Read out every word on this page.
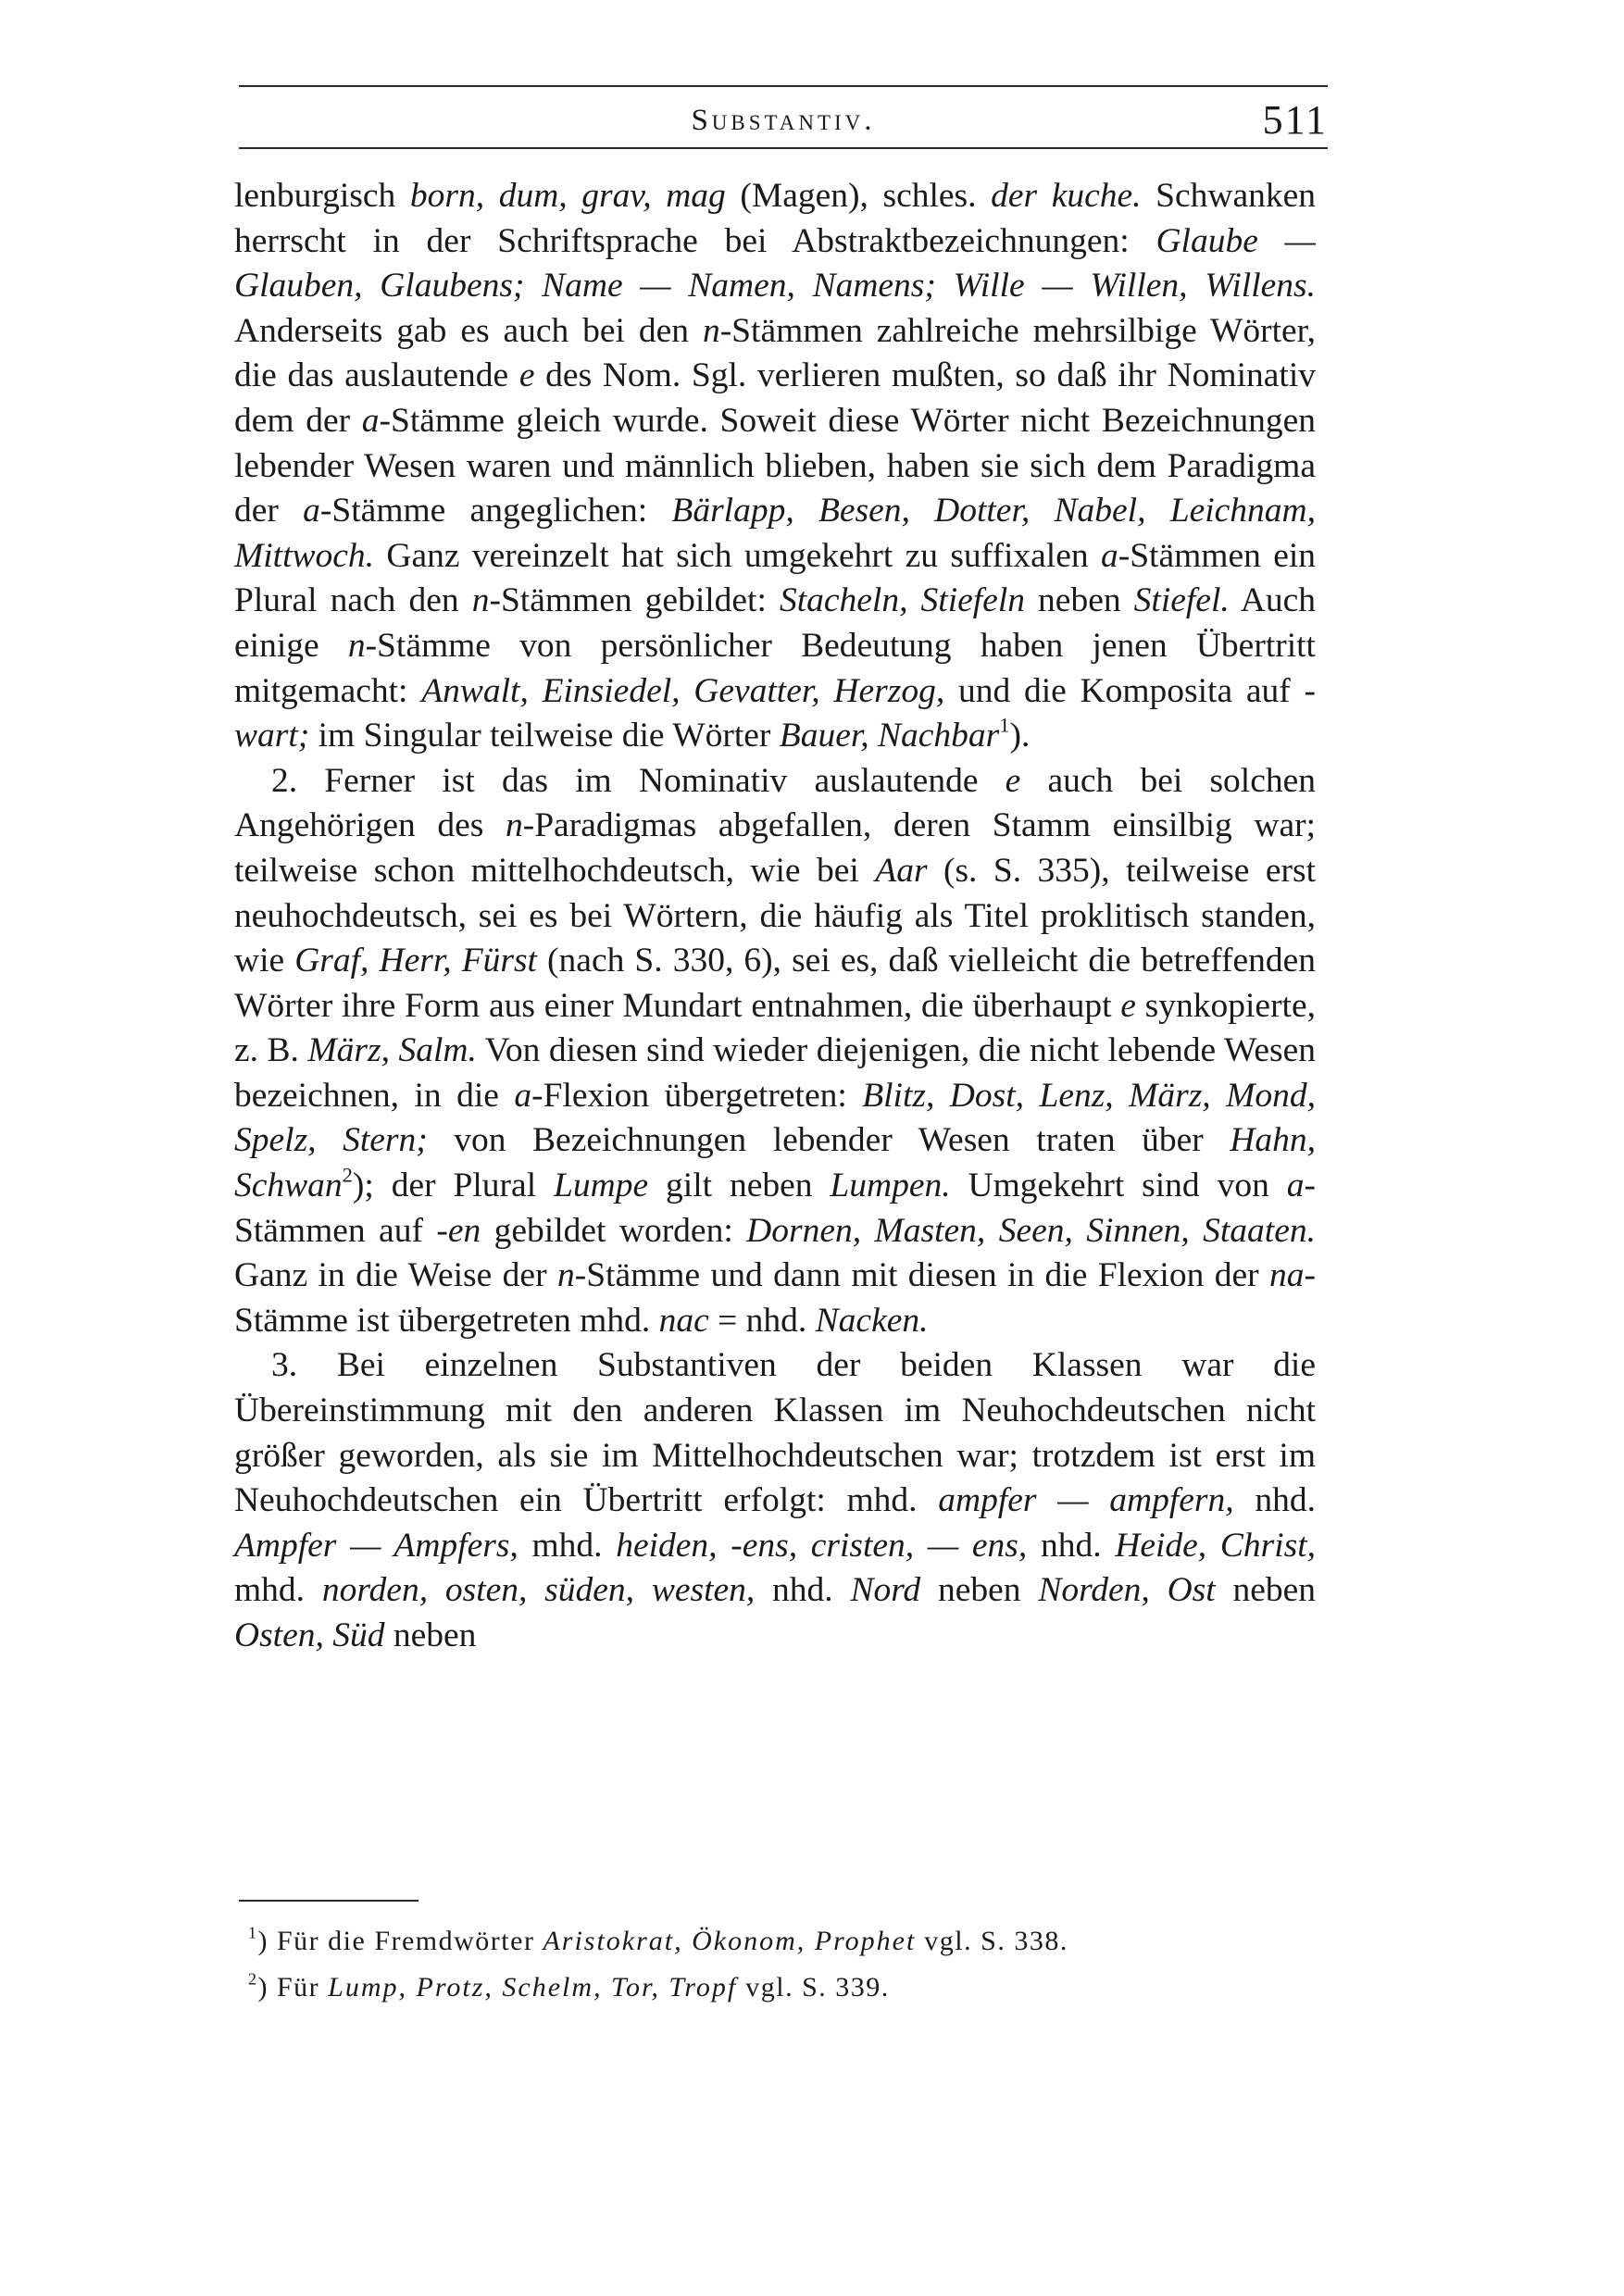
Substantiv.	511

lenburgisch born, dum, grav, mag (Magen), schles. der kuche. Schwanken herrscht in der Schriftsprache bei Abstraktbezeichnungen: Glaube — Glauben, Glaubens; Name — Namen, Namens; Wille — Willen, Willens. Anderseits gab es auch bei den n-Stämmen zahlreiche mehrsilbige Wörter, die das auslautende e des Nom. Sgl. verlieren mußten, so daß ihr Nominativ dem der a-Stämme gleich wurde. Soweit diese Wörter nicht Bezeichnungen lebender Wesen waren und männlich blieben, haben sie sich dem Paradigma der a-Stämme angeglichen: Bärlapp, Besen, Dotter, Nabel, Leichnam, Mittwoch. Ganz vereinzelt hat sich umgekehrt zu suffixalen a-Stämmen ein Plural nach den n-Stämmen gebildet: Stacheln, Stiefeln neben Stiefel. Auch einige n-Stämme von persönlicher Bedeutung haben jenen Übertritt mitgemacht: Anwalt, Einsiedel, Gevatter, Herzog, und die Komposita auf -wart; im Singular teilweise die Wörter Bauer, Nachbar$^1$).

2. Ferner ist das im Nominativ auslautende e auch bei solchen Angehörigen des n-Paradigmas abgefallen, deren Stamm einsilbig war; teilweise schon mittelhochdeutsch, wie bei Aar (s. S. 335), teilweise erst neuhochdeutsch, sei es bei Wörtern, die häufig als Titel proklitisch standen, wie Graf, Herr, Fürst (nach S. 330, 6), sei es, daß vielleicht die betreffenden Wörter ihre Form aus einer Mundart entnahmen, die überhaupt e synkopierte, z. B. März, Salm. Von diesen sind wieder diejenigen, die nicht lebende Wesen bezeichnen, in die a-Flexion übergetreten: Blitz, Dost, Lenz, März, Mond, Spelz, Stern; von Bezeichnungen lebender Wesen traten über Hahn, Schwan$^2$); der Plural Lumpe gilt neben Lumpen. Umgekehrt sind von a-Stämmen auf -en gebildet worden: Dornen, Masten, Seen, Sinnen, Staaten. Ganz in die Weise der n-Stämme und dann mit diesen in die Flexion der na-Stämme ist übergetreten mhd. nac = nhd. Nacken.

3. Bei einzelnen Substantiven der beiden Klassen war die Übereinstimmung mit den anderen Klassen im Neuhochdeutschen nicht größer geworden, als sie im Mittelhochdeutschen war; trotzdem ist erst im Neuhochdeutschen ein Übertritt erfolgt: mhd. ampfer — ampfern, nhd. Ampfer — Ampfers, mhd. heiden, -ens, cristen, — ens, nhd. Heide, Christ, mhd. norden, osten, süden, westen, nhd. Nord neben Norden, Ost neben Osten, Süd neben

$^1$) Für die Fremdwörter Aristokrat, Ökonom, Prophet vgl. S. 338.

$^2$) Für Lump, Protz, Schelm, Tor, Tropf vgl. S. 339.
